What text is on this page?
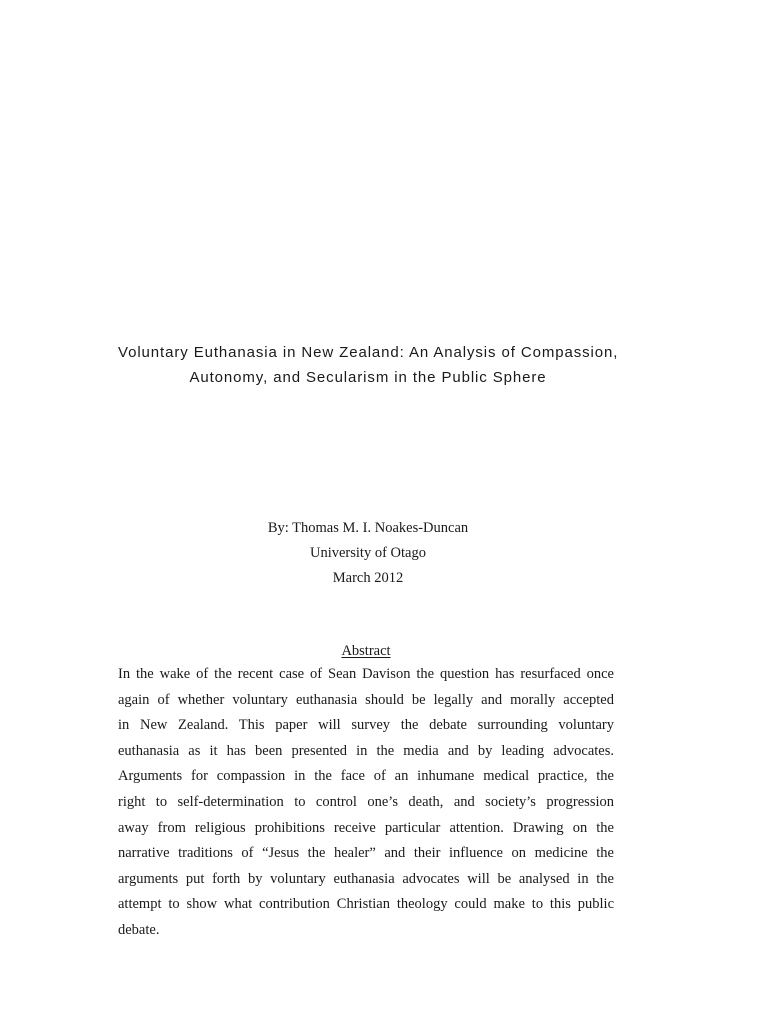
Voluntary Euthanasia in New Zealand: An Analysis of Compassion,
Autonomy, and Secularism in the Public Sphere
By: Thomas M. I. Noakes-Duncan
University of Otago
March 2012
Abstract
In the wake of the recent case of Sean Davison the question has resurfaced once
again of whether voluntary euthanasia should be legally and morally accepted
in New Zealand. This paper will survey the debate surrounding voluntary
euthanasia as it has been presented in the media and by leading advocates.
Arguments for compassion in the face of an inhumane medical practice, the
right to self-determination to control one’s death, and society’s progression
away from religious prohibitions receive particular attention. Drawing on the
narrative traditions of “Jesus the healer” and their influence on medicine the
arguments put forth by voluntary euthanasia advocates will be analysed in the
attempt to show what contribution Christian theology could make to this public
debate.
